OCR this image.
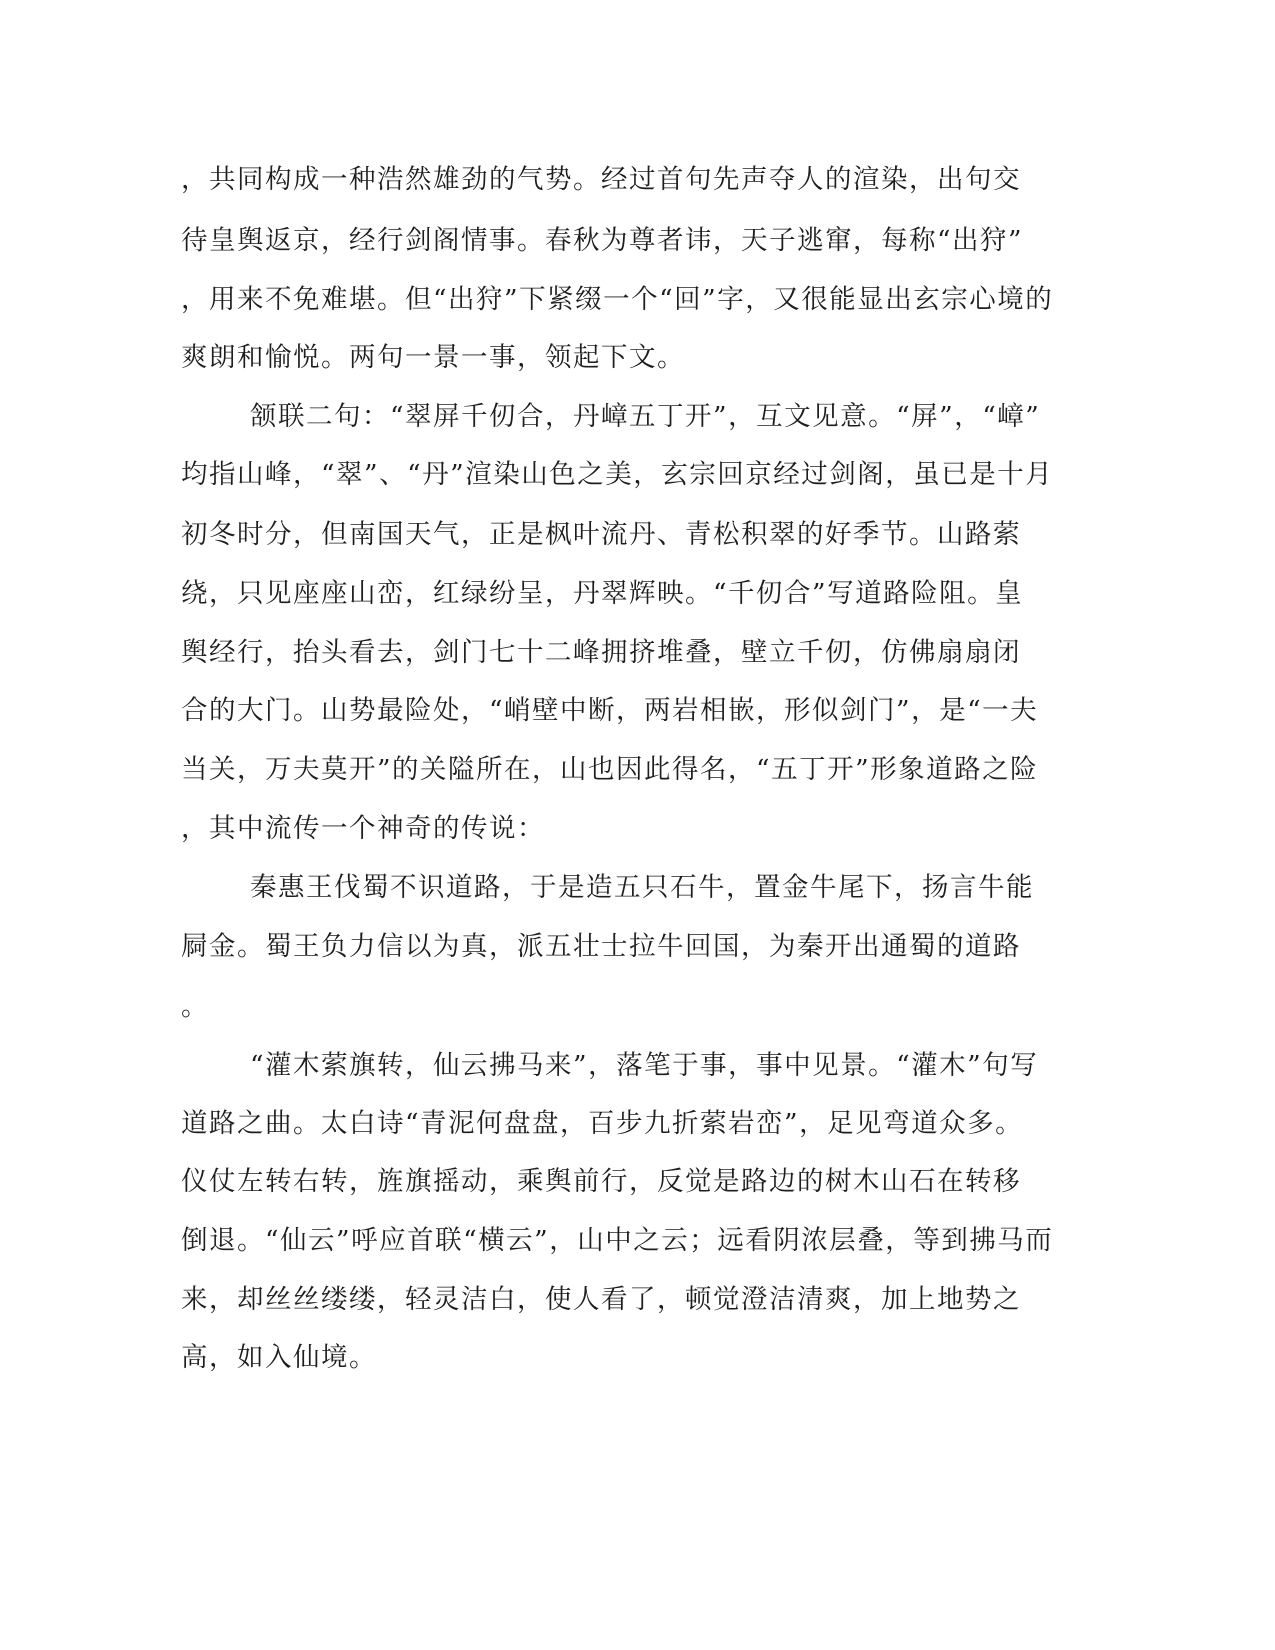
，共同构成一种浩然雄劲的气势。经过首句先声夺人的渲染，出句交
待皇舆返京，经行剑阁情事。春秋为尊者讳，天子逃窜，每称“出狩”
，用来不免难堪。但“出狩”下紧缀一个“回”字，又很能显出玄宗心境的
爽朗和愉悦。两句一景一事，领起下文。
颔联二句：“翠屏千仞合，丹嶂五丁开”，互文见意。“屏”，“嶂”
均指山峰，“翠”、“丹”渲染山色之美，玄宗回京经过剑阁，虽已是十月
初冬时分，但南国天气，正是枫叶流丹、青松积翠的好季节。山路萦
绕，只见座座山峦，红绿纷呈，丹翠辉映。“千仞合”写道路险阻。皇
舆经行，抬头看去，剑门七十二峰拥挤堆叠，壁立千仞，仿佛扇扇闭
合的大门。山势最险处，“峭壁中断，两岩相嵌，形似剑门”，是“一夫
当关，万夫莫开”的关隘所在，山也因此得名，“五丁开”形象道路之险
，其中流传一个神奇的传说：
秦惠王伐蜀不识道路，于是造五只石牛，置金牛尾下，扬言牛能
屙金。蜀王负力信以为真，派五壮士拉牛回国，为秦开出通蜀的道路
。
“灌木萦旗转，仙云拂马来”，落笔于事，事中见景。“灌木”句写
道路之曲。太白诗“青泥何盘盘，百步九折萦岩峦”，足见弯道众多。
仪仗左转右转，旌旗摇动，乘舆前行，反觉是路边的树木山石在转移
倒退。“仙云”呼应首联“横云”，山中之云；远看阴浓层叠，等到拂马而
来，却丝丝缕缕，轻灵洁白，使人看了，顿觉澄洁清爽，加上地势之
高，如入仙境。
